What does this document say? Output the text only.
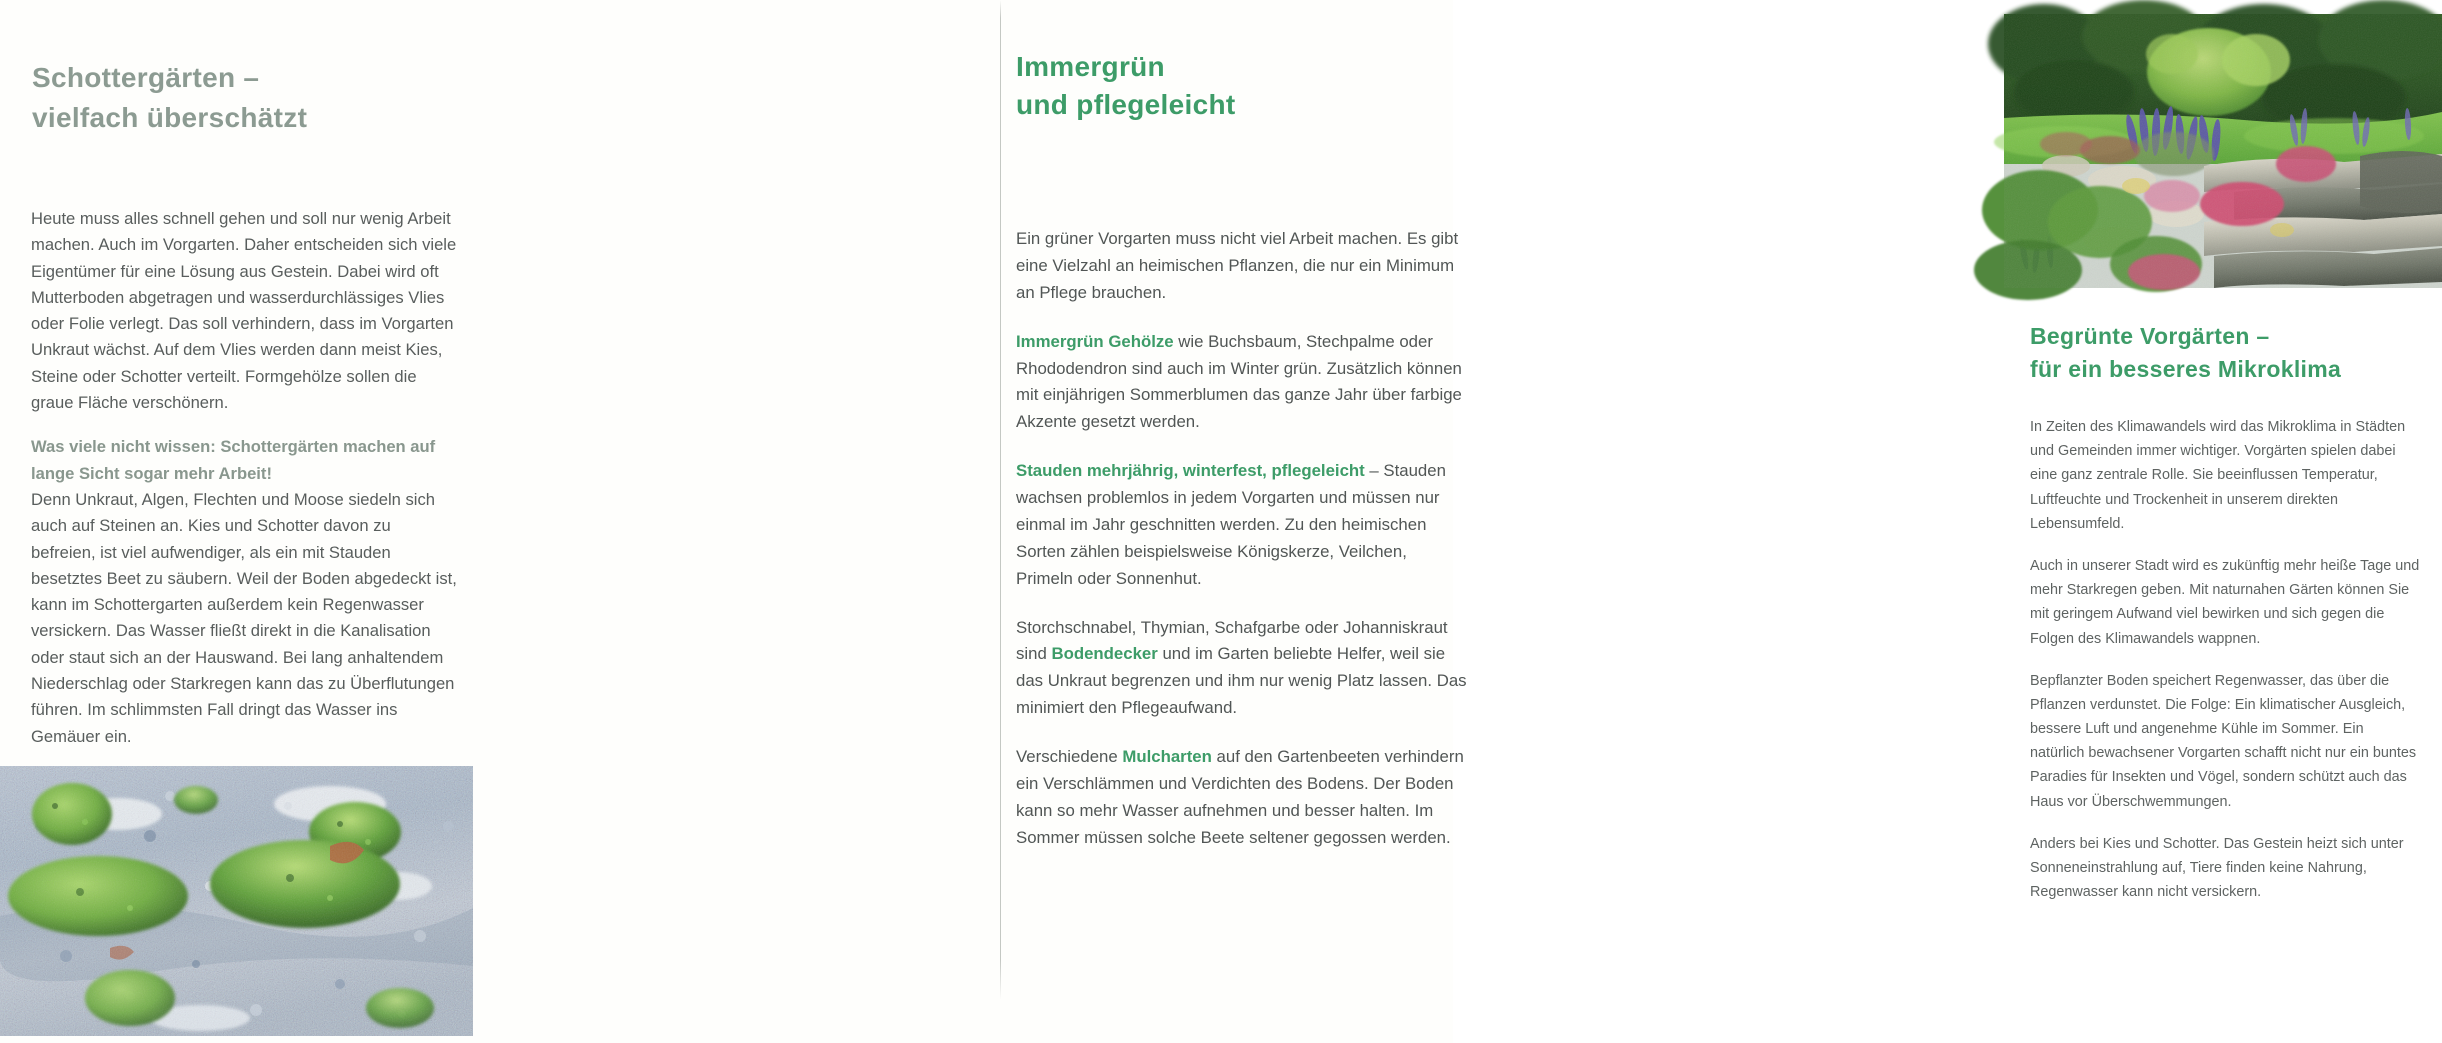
Schottergärten –
vielfach überschätzt

Heute muss alles schnell gehen und soll nur wenig Arbeit machen. Auch im Vorgarten. Daher entscheiden sich viele Eigentümer für eine Lösung aus Gestein. Dabei wird oft Mutterboden abgetragen und wasserdurchlässiges Vlies oder Folie verlegt. Das soll verhindern, dass im Vorgarten Unkraut wächst. Auf dem Vlies werden dann meist Kies, Steine oder Schotter verteilt. Formgehölze sollen die graue Fläche verschönern.

Was viele nicht wissen: Schottergärten machen auf lange Sicht sogar mehr Arbeit!
Denn Unkraut, Algen, Flechten und Moose siedeln sich auch auf Steinen an. Kies und Schotter davon zu befreien, ist viel aufwendiger, als ein mit Stauden besetztes Beet zu säubern. Weil der Boden abgedeckt ist, kann im Schottergarten außerdem kein Regenwasser versickern. Das Wasser fließt direkt in die Kanalisation oder staut sich an der Hauswand. Bei lang anhaltendem Niederschlag oder Starkregen kann das zu Überflutungen führen. Im schlimmsten Fall dringt das Wasser ins Gemäuer ein.

Immergrün
und pflegeleicht

Ein grüner Vorgarten muss nicht viel Arbeit machen. Es gibt eine Vielzahl an heimischen Pflanzen, die nur ein Minimum an Pflege brauchen.

Immergrün Gehölze wie Buchsbaum, Stechpalme oder Rhododendron sind auch im Winter grün. Zusätzlich können mit einjährigen Sommerblumen das ganze Jahr über farbige Akzente gesetzt werden.

Stauden mehrjährig, winterfest, pflegeleicht – Stauden wachsen problemlos in jedem Vorgarten und müssen nur einmal im Jahr geschnitten werden. Zu den heimischen Sorten zählen beispielsweise Königskerze, Veilchen, Primeln oder Sonnenhut.

Storchschnabel, Thymian, Schafgarbe oder Johanniskraut sind Bodendecker und im Garten beliebte Helfer, weil sie das Unkraut begrenzen und ihm nur wenig Platz lassen. Das minimiert den Pflegeaufwand.

Verschiedene Mulcharten auf den Gartenbeeten verhindern ein Verschlämmen und Verdichten des Bodens. Der Boden kann so mehr Wasser aufnehmen und besser halten. Im Sommer müssen solche Beete seltener gegossen werden.

Begrünte Vorgärten –
für ein besseres Mikroklima

In Zeiten des Klimawandels wird das Mikroklima in Städten und Gemeinden immer wichtiger. Vorgärten spielen dabei eine ganz zentrale Rolle. Sie beeinflussen Temperatur, Luftfeuchte und Trockenheit in unserem direkten Lebensumfeld.

Auch in unserer Stadt wird es zukünftig mehr heiße Tage und mehr Starkregen geben. Mit naturnahen Gärten können Sie mit geringem Aufwand viel bewirken und sich gegen die Folgen des Klimawandels wappnen.

Bepflanzter Boden speichert Regenwasser, das über die Pflanzen verdunstet. Die Folge: Ein klimatischer Ausgleich, bessere Luft und angenehme Kühle im Sommer. Ein natürlich bewachsener Vorgarten schafft nicht nur ein buntes Paradies für Insekten und Vögel, sondern schützt auch das Haus vor Überschwemmungen.

Anders bei Kies und Schotter. Das Gestein heizt sich unter Sonneneinstrahlung auf, Tiere finden keine Nahrung, Regenwasser kann nicht versickern.
